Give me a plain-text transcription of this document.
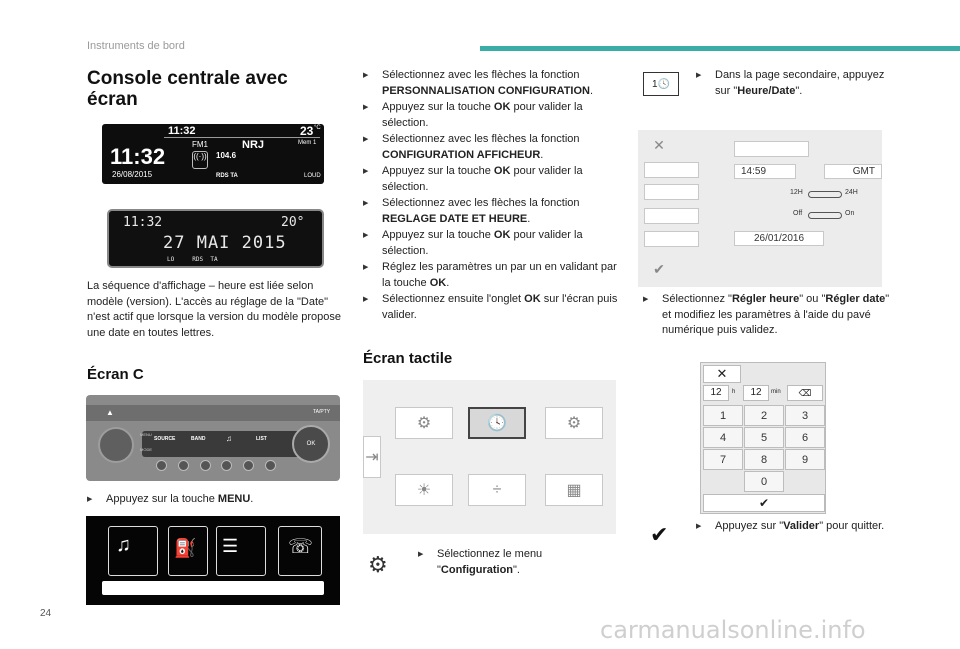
Instruments de bord
Console centrale avec écran
11:32	23 °C
11:32	FM1	NRJ	Mem 1
((·)) 104.6
26/08/2015	RDS TA	LOUD
11:32	20°
27 MAI 2015
LO     RDS  TA
La séquence d'affichage – heure est liée selon modèle (version). L'accès au réglage de la "Date" n'est actif que lorsque la version du modèle propose une date en toutes lettres.
Écran C
▲	TA/PTY
SOURCE	BAND	♫	LIST
MENU
MODE
OK
▶ Appuyez sur la touche MENU.
♫ ⛽ ☰ ☏
▶ Sélectionnez avec les flèches la fonction PERSONNALISATION CONFIGURATION.
▶ Appuyez sur la touche OK pour valider la sélection.
▶ Sélectionnez avec les flèches la fonction CONFIGURATION AFFICHEUR.
▶ Appuyez sur la touche OK pour valider la sélection.
▶ Sélectionnez avec les flèches la fonction REGLAGE DATE ET HEURE.
▶ Appuyez sur la touche OK pour valider la sélection.
▶ Réglez les paramètres un par un en validant par la touche OK.
▶ Sélectionnez ensuite l'onglet OK sur l'écran puis valider.
Écran tactile
⇥
⚙	🕓	⚙
☀	÷	▦
⚙	▶ Sélectionnez le menu "Configuration".
1🕓
▶ Dans la page secondaire, appuyez sur "Heure/Date".
✕
✔
14:59	GMT
12H	24H
Off	On
26/01/2016
▶ Sélectionnez "Régler heure" ou "Régler date" et modifiez les paramètres à l'aide du pavé numérique puis validez.
✕
12	h	12	min	⌫
1	2	3
4	5	6
7	8	9
0
✔
✔	▶ Appuyez sur "Valider" pour quitter.
24
carmanualsonline.info
